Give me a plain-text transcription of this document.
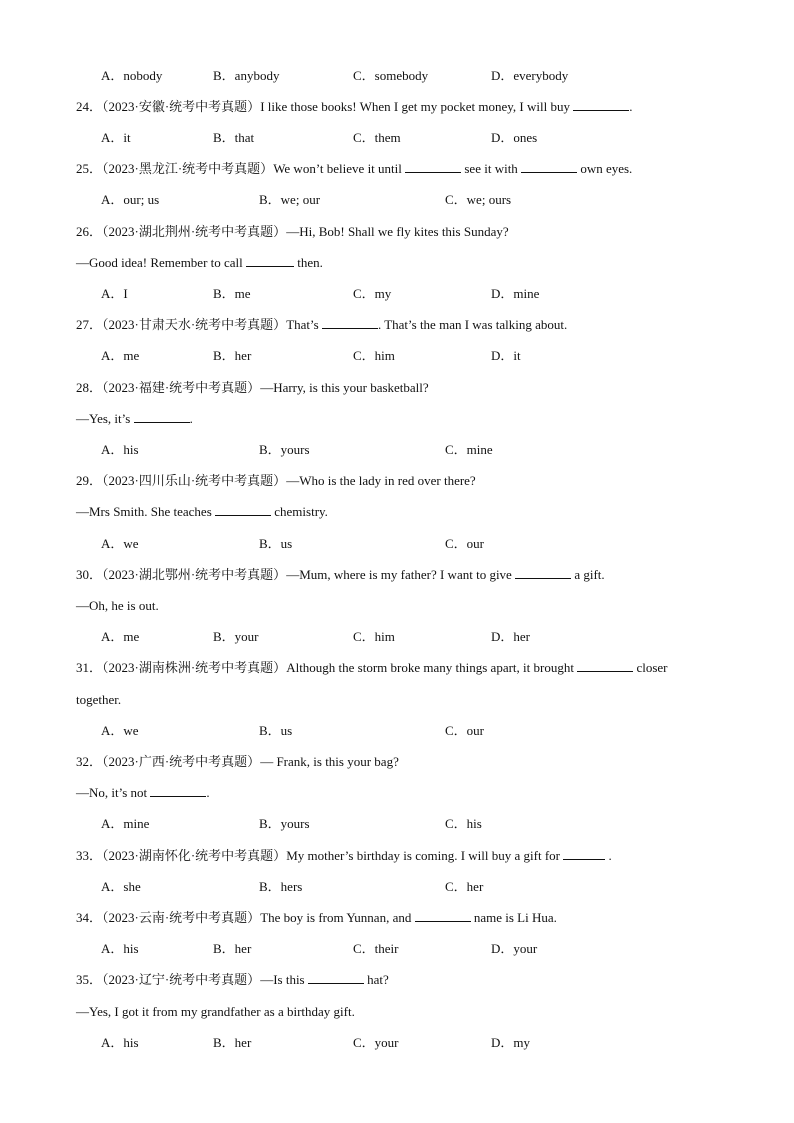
A．nobody	B．anybody	C．somebody	D．everybody
24．（2023·安徽·统考中考真题）I like those books! When I get my pocket money, I will buy	.
A．it	B．that	C．them	D．ones
25．（2023·黑龙江·统考中考真题）We won’t believe it until	see it with	own eyes.
A．our; us	B．we; our	C．we; ours
26．（2023·湖北荆州·统考中考真题）—Hi, Bob! Shall we fly kites this Sunday?
—Good idea! Remember to call	then.
A．I	B．me	C．my	D．mine
27．（2023·甘肃天水·统考中考真题）That’s	. That’s the man I was talking about.
A．me	B．her	C．him	D．it
28．（2023·福建·统考中考真题）—Harry, is this your basketball?
—Yes, it’s	.
A．his	B．yours	C．mine
29．（2023·四川乐山·统考中考真题）—Who is the lady in red over there?
—Mrs Smith. She teaches	chemistry.
A．we	B．us	C．our
30．（2023·湖北鄂州·统考中考真题）—Mum, where is my father? I want to give	a gift.
—Oh, he is out.
A．me	B．your	C．him	D．her
31．（2023·湖南株洲·统考中考真题）Although the storm broke many things apart, it brought	closer
together.
A．we	B．us	C．our
32．（2023·广西·统考中考真题）— Frank, is this your bag?
—No, it’s not	.
A．mine	B．yours	C．his
33．（2023·湖南怀化·统考中考真题）My mother’s birthday is coming. I will buy a gift for	.
A．she	B．hers	C．her
34．（2023·云南·统考中考真题）The boy is from Yunnan, and	name is Li Hua.
A．his	B．her	C．their	D．your
35．（2023·辽宁·统考中考真题）—Is this	hat?
—Yes, I got it from my grandfather as a birthday gift.
A．his	B．her	C．your	D．my
